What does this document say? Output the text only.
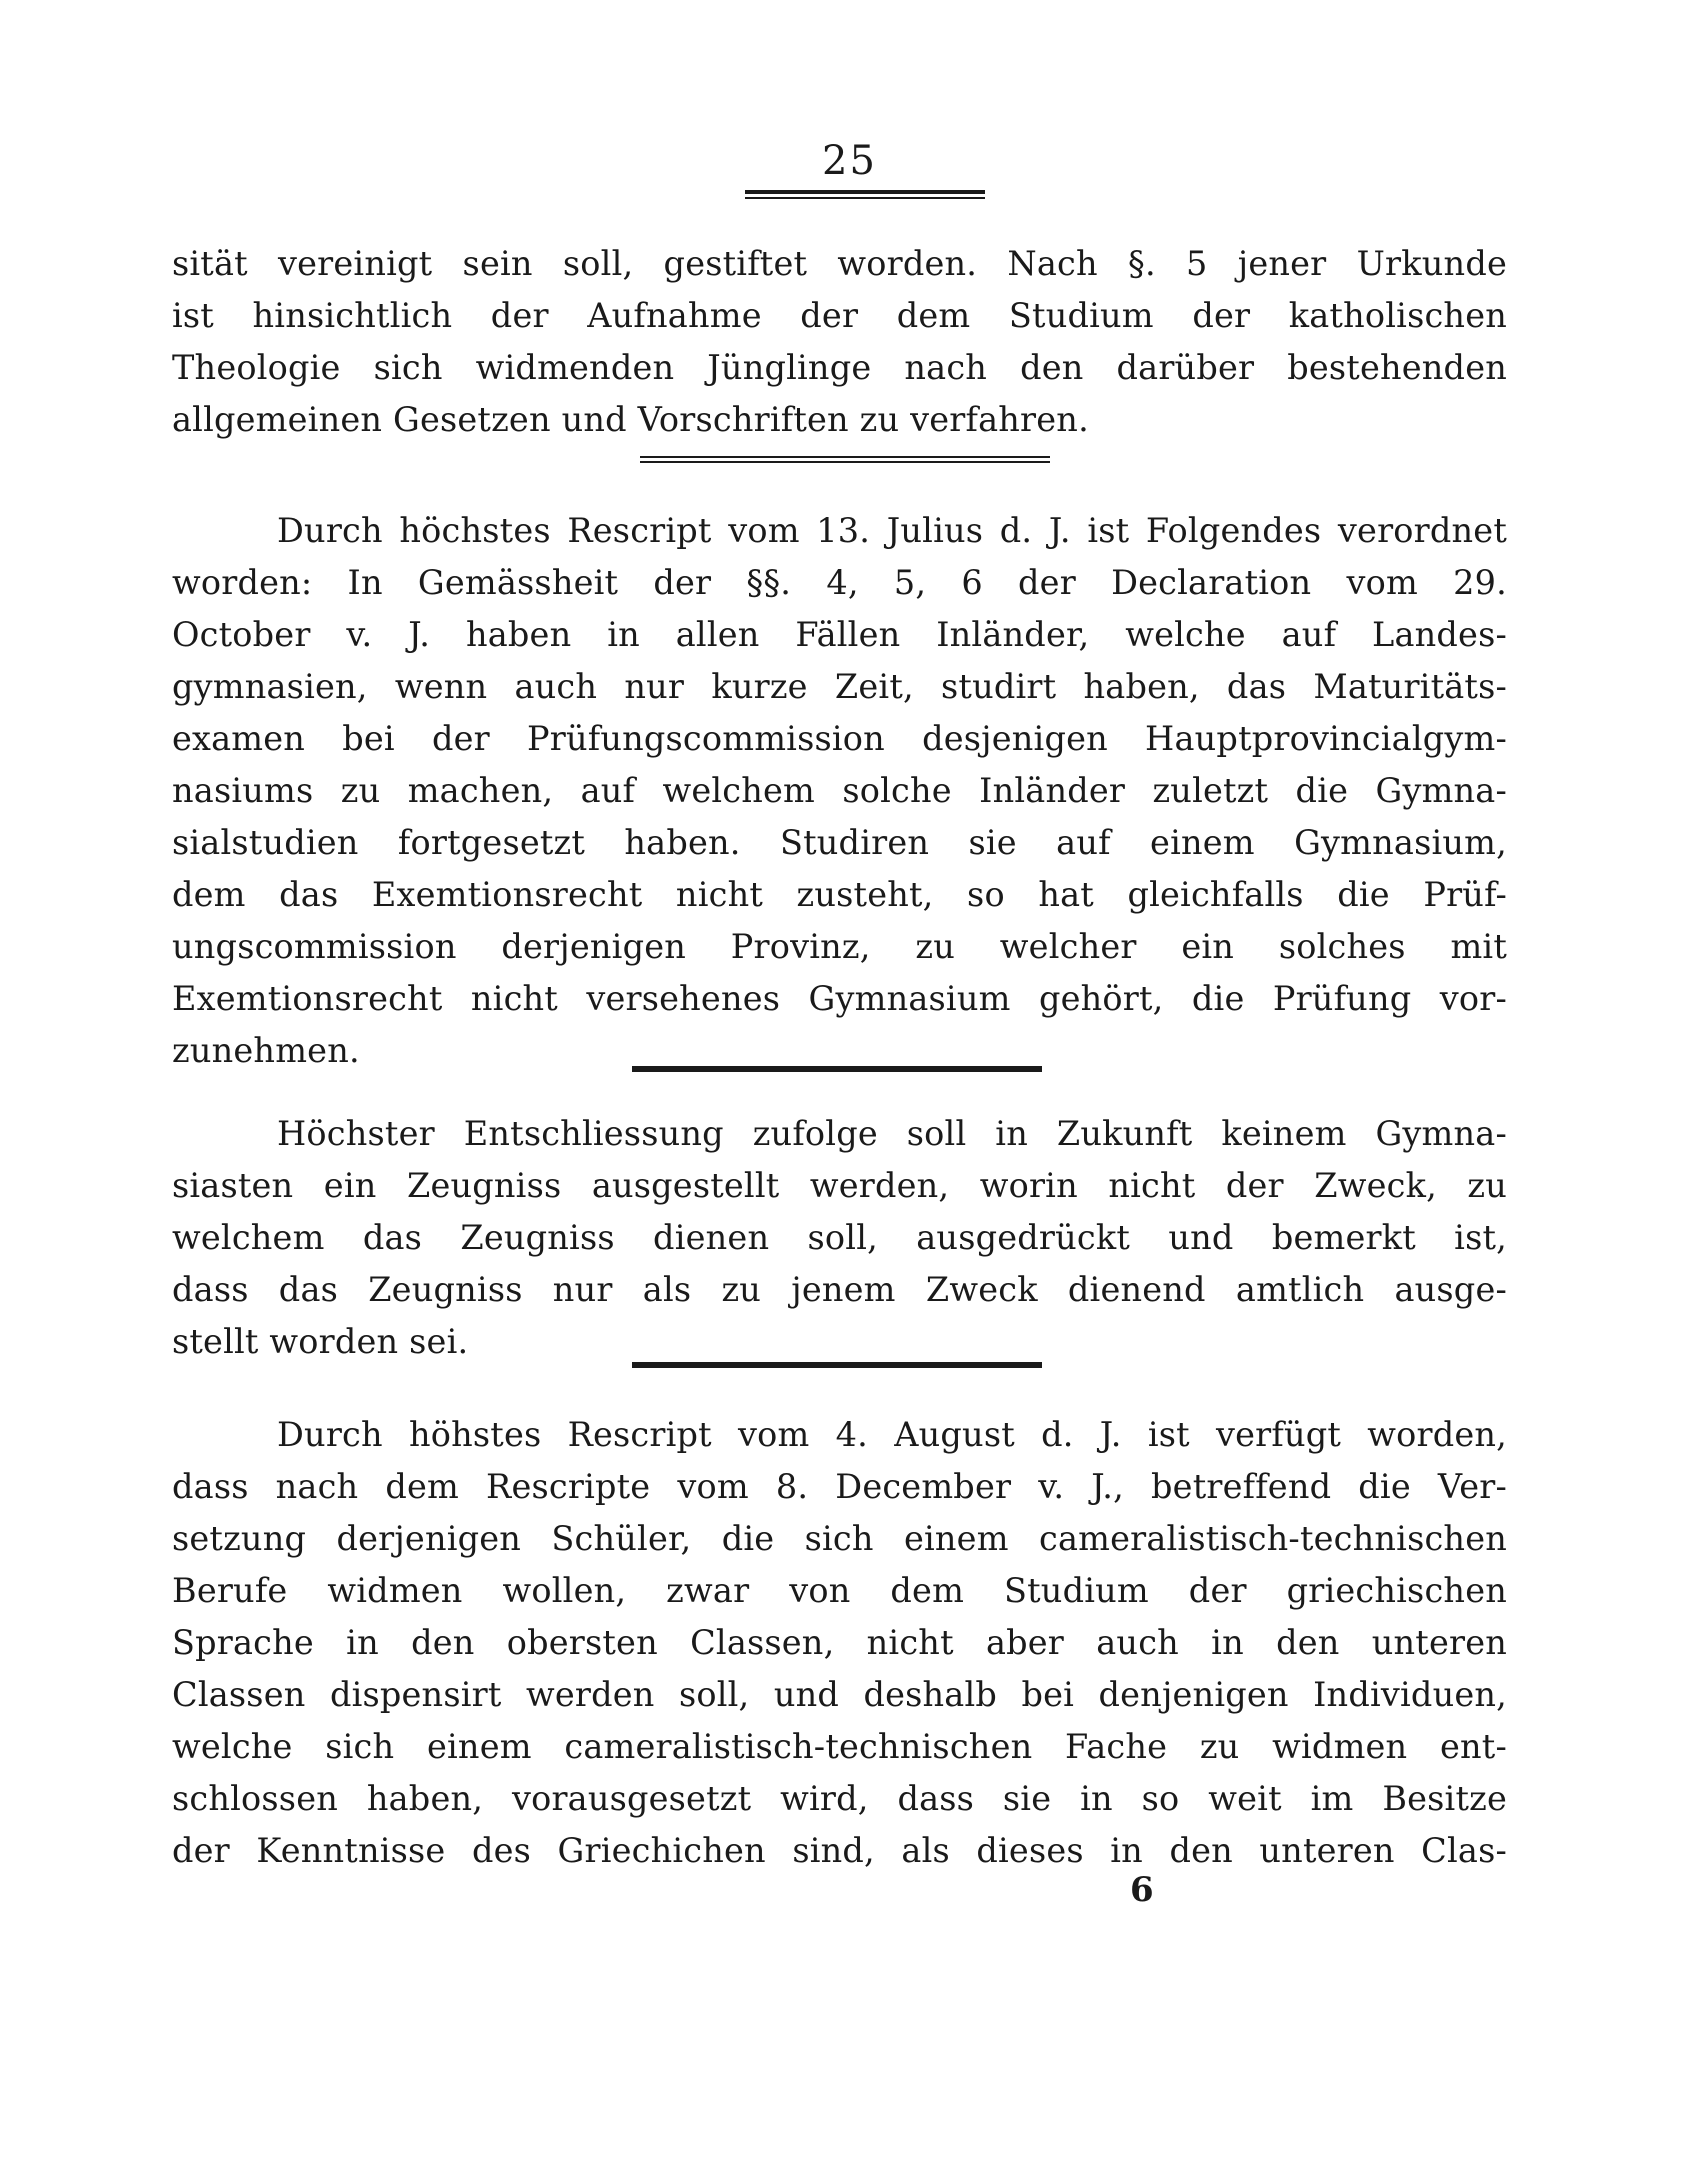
25
sität vereinigt sein soll, gestiftet worden. Nach §. 5 jener Urkunde
ist hinsichtlich der Aufnahme der dem Studium der katholischen
Theologie sich widmenden Jünglinge nach den darüber bestehenden
allgemeinen Gesetzen und Vorschriften zu verfahren.
Durch höchstes Rescript vom 13. Julius d. J. ist Folgendes verordnet
worden: In Gemässheit der §§. 4, 5, 6 der Declaration vom 29.
October v. J. haben in allen Fällen Inländer, welche auf Landes-
gymnasien, wenn auch nur kurze Zeit, studirt haben, das Maturitäts-
examen bei der Prüfungscommission desjenigen Hauptprovincialgym-
nasiums zu machen, auf welchem solche Inländer zuletzt die Gymna-
sialstudien fortgesetzt haben. Studiren sie auf einem Gymnasium,
dem das Exemtionsrecht nicht zusteht, so hat gleichfalls die Prüf-
ungscommission derjenigen Provinz, zu welcher ein solches mit
Exemtionsrecht nicht versehenes Gymnasium gehört, die Prüfung vor-
zunehmen.
Höchster Entschliessung zufolge soll in Zukunft keinem Gymna-
siasten ein Zeugniss ausgestellt werden, worin nicht der Zweck, zu
welchem das Zeugniss dienen soll, ausgedrückt und bemerkt ist,
dass das Zeugniss nur als zu jenem Zweck dienend amtlich ausge-
stellt worden sei.
Durch höhstes Rescript vom 4. August d. J. ist verfügt worden,
dass nach dem Rescripte vom 8. December v. J., betreffend die Ver-
setzung derjenigen Schüler, die sich einem cameralistisch-technischen
Berufe widmen wollen, zwar von dem Studium der griechischen
Sprache in den obersten Classen, nicht aber auch in den unteren
Classen dispensirt werden soll, und deshalb bei denjenigen Individuen,
welche sich einem cameralistisch-technischen Fache zu widmen ent-
schlossen haben, vorausgesetzt wird, dass sie in so weit im Besitze
der Kenntnisse des Griechichen sind, als dieses in den unteren Clas-
6
